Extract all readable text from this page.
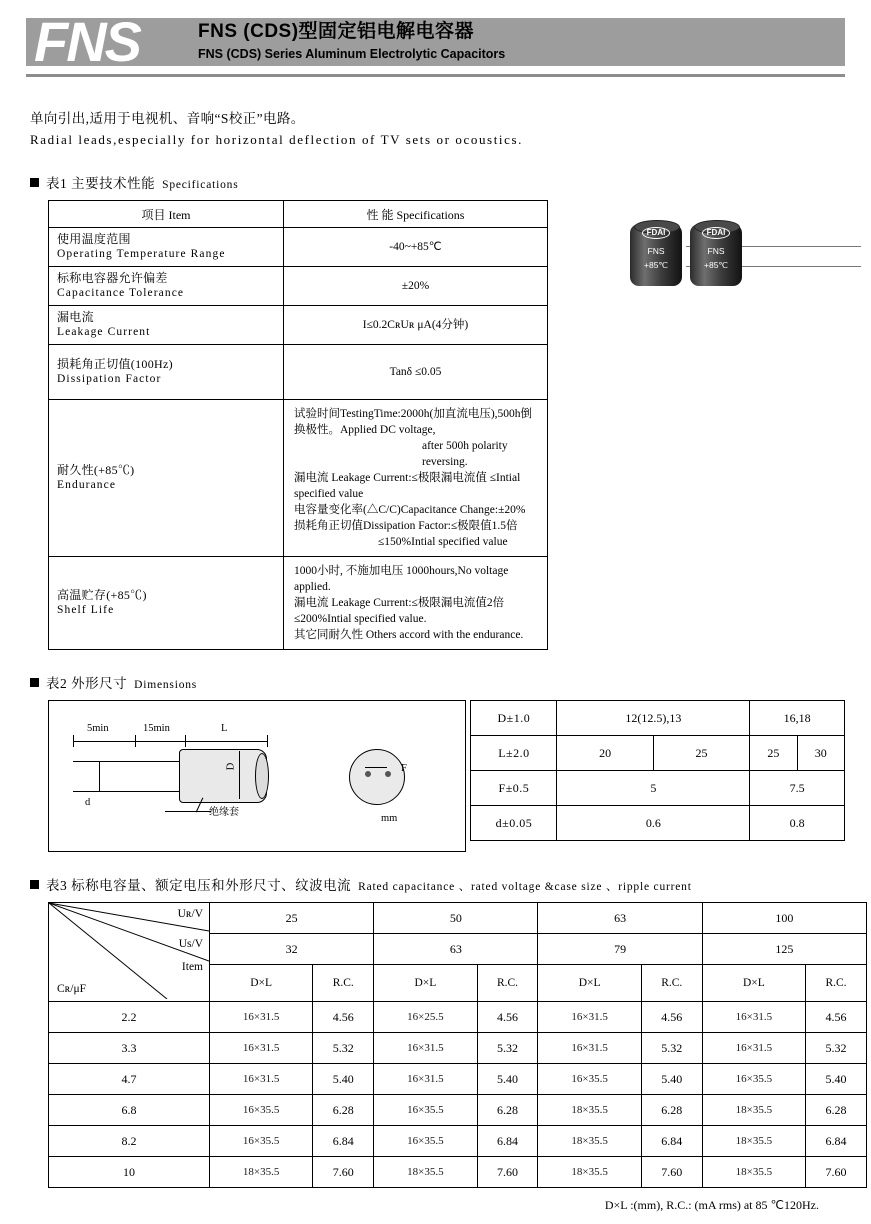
FNS	FNS (CDS)型固定铝电解电容器
FNS (CDS) Series Aluminum Electrolytic Capacitors
单向引出,适用于电视机、音响“S校正”电路。
Radial leads,especially for horizontal deflection of TV sets or ocoustics.
表1 主要技术性能 Specifications
项目 Item	性 能 Specifications

使用温度范围
Operating Temperature Range	-40~+85℃

标称电容器允许偏差
Capacitance Tolerance	±20%

漏电流
Leakage Current	I≤0.2CʀUʀ μA(4分钟)

损耗角正切值(100Hz)
Dissipation Factor	Tanδ ≤0.05

耐久性(+85℃)
Endurance

试验时间TestingTime:2000h(加直流电压),500h倒换极性。Applied DC voltage,
after 500h polarity reversing.
漏电流 Leakage Current:≤极限漏电流值 ≤Intial specified value
电容量变化率(△C/C)Capacitance Change:±20%
损耗角正切值Dissipation Factor:≤极限值1.5倍
≤150%Intial specified value

高温贮存(+85℃)
Shelf Life

1000小时, 不施加电压 1000hours,No voltage applied.
漏电流 Leakage Current:≤极限漏电流值2倍 ≤200%Intial specified value.
其它同耐久性 Others accord with the endurance.
FDAI
FNS
+85℃
FDAI
FNS
+85℃
表2 外形尺寸 Dimensions
5min	15min	L
D
d
绝缘套
F
mm
D±1.0	12(12.5),13		16,18	
L±2.0	20	25	25	30
F±0.5	5		7.5	
d±0.05	0.6		0.8	
表3 标称电容量、额定电压和外形尺寸、纹波电流 Rated capacitance 、rated voltage &case size 、ripple current
Uʀ/V
Us/V
Item
Cʀ/μF	25		50		63		100	
	32		63		79		125	
	D×L	R.C.	D×L	R.C.	D×L	R.C.	D×L	R.C.
2.2	16×31.5	4.56	16×25.5	4.56	16×31.5	4.56	16×31.5	4.56
3.3	16×31.5	5.32	16×31.5	5.32	16×31.5	5.32	16×31.5	5.32
4.7	16×31.5	5.40	16×31.5	5.40	16×35.5	5.40	16×35.5	5.40
6.8	16×35.5	6.28	16×35.5	6.28	18×35.5	6.28	18×35.5	6.28
8.2	16×35.5	6.84	16×35.5	6.84	18×35.5	6.84	18×35.5	6.84
10	18×35.5	7.60	18×35.5	7.60	18×35.5	7.60	18×35.5	7.60
D×L :(mm), R.C.: (mA rms) at 85 ℃120Hz.
